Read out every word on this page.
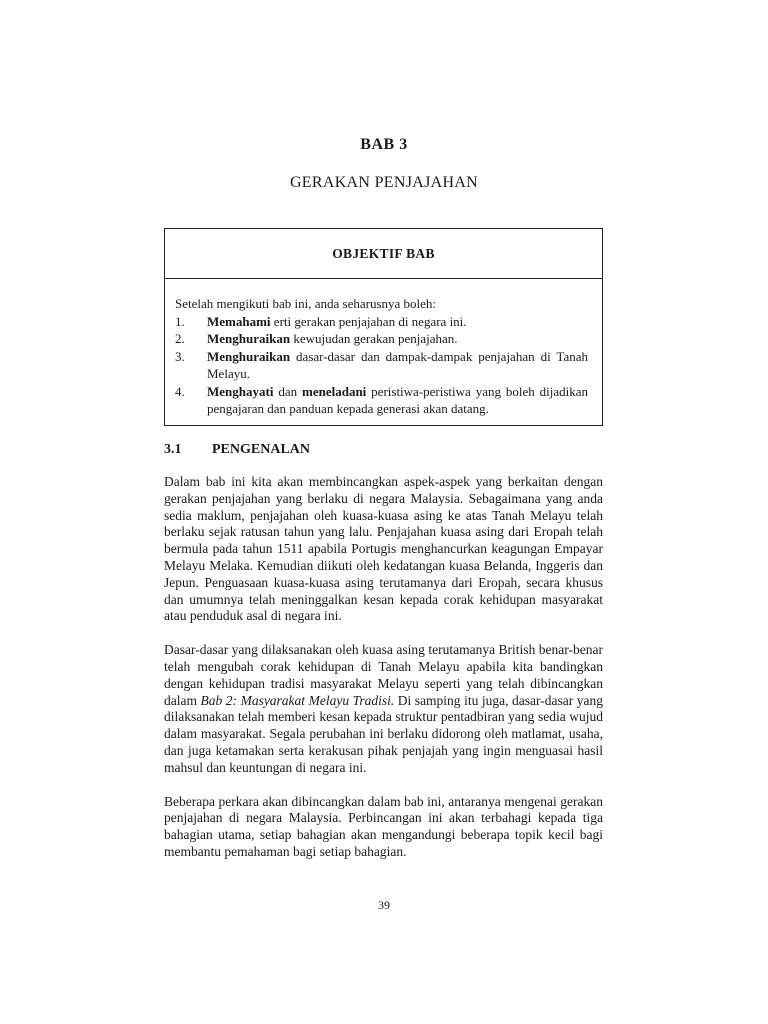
BAB 3
GERAKAN PENJAJAHAN
OBJEKTIF BAB

Setelah mengikuti bab ini, anda seharusnya boleh:

1.	Memahami erti gerakan penjajahan di negara ini.
2.	Menghuraikan kewujudan gerakan penjajahan.
3.	Menghuraikan dasar-dasar dan dampak-dampak penjajahan di Tanah Melayu.
4.	Menghayati dan meneladani peristiwa-peristiwa yang boleh dijadikan pengajaran dan panduan kepada generasi akan datang.
3.1 PENGENALAN

Dalam bab ini kita akan membincangkan aspek-aspek yang berkaitan dengan gerakan penjajahan yang berlaku di negara Malaysia. Sebagaimana yang anda sedia maklum, penjajahan oleh kuasa-kuasa asing ke atas Tanah Melayu telah berlaku sejak ratusan tahun yang lalu. Penjajahan kuasa asing dari Eropah telah bermula pada tahun 1511 apabila Portugis menghancurkan keagungan Empayar Melayu Melaka. Kemudian diikuti oleh kedatangan kuasa Belanda, Inggeris dan Jepun. Penguasaan kuasa-kuasa asing terutamanya dari Eropah, secara khusus dan umumnya telah meninggalkan kesan kepada corak kehidupan masyarakat atau penduduk asal di negara ini.

Dasar-dasar yang dilaksanakan oleh kuasa asing terutamanya British benar-benar telah mengubah corak kehidupan di Tanah Melayu apabila kita bandingkan dengan kehidupan tradisi masyarakat Melayu seperti yang telah dibincangkan dalam Bab 2: Masyarakat Melayu Tradisi. Di samping itu juga, dasar-dasar yang dilaksanakan telah memberi kesan kepada struktur pentadbiran yang sedia wujud dalam masyarakat. Segala perubahan ini berlaku didorong oleh matlamat, usaha, dan juga ketamakan serta kerakusan pihak penjajah yang ingin menguasai hasil mahsul dan keuntungan di negara ini.

Beberapa perkara akan dibincangkan dalam bab ini, antaranya mengenai gerakan penjajahan di negara Malaysia. Perbincangan ini akan terbahagi kepada tiga bahagian utama, setiap bahagian akan mengandungi beberapa topik kecil bagi membantu pemahaman bagi setiap bahagian.

39
